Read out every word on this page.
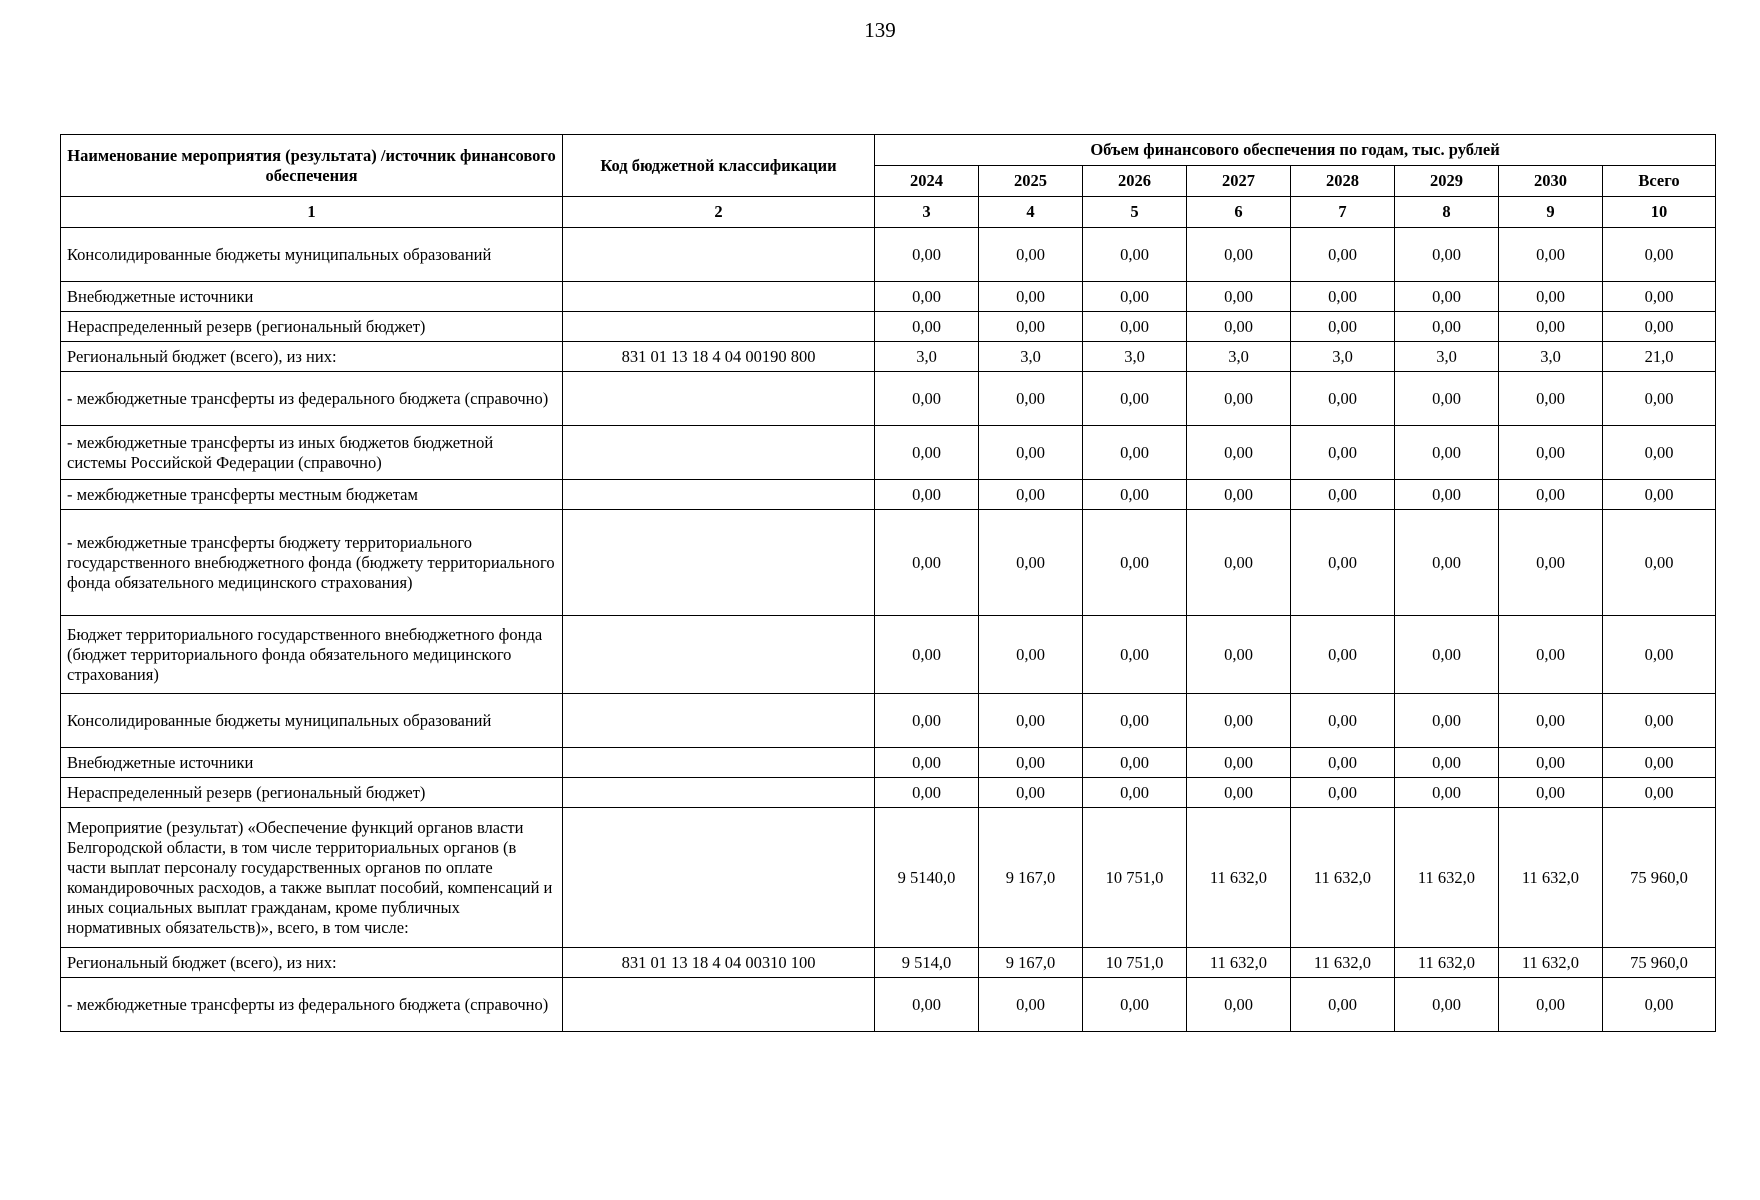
139
Наименование мероприятия (результата) /источник финансового обеспечения	Код бюджетной классификации	Объем финансового обеспечения по годам, тыс. рублей							
		2024	2025	2026	2027	2028	2029	2030	Всего
1	2	3	4	5	6	7	8	9	10
Консолидированные бюджеты муниципальных образований		0,00	0,00	0,00	0,00	0,00	0,00	0,00	0,00
Внебюджетные источники		0,00	0,00	0,00	0,00	0,00	0,00	0,00	0,00
Нераспределенный резерв (региональный бюджет)		0,00	0,00	0,00	0,00	0,00	0,00	0,00	0,00
Региональный бюджет (всего), из них:	831 01 13 18 4 04 00190 800	3,0	3,0	3,0	3,0	3,0	3,0	3,0	21,0
- межбюджетные трансферты из федерального бюджета (справочно)		0,00	0,00	0,00	0,00	0,00	0,00	0,00	0,00
- межбюджетные трансферты из иных бюджетов бюджетной системы Российской Федерации (справочно)		0,00	0,00	0,00	0,00	0,00	0,00	0,00	0,00
- межбюджетные трансферты местным бюджетам		0,00	0,00	0,00	0,00	0,00	0,00	0,00	0,00
- межбюджетные трансферты бюджету территориального государственного внебюджетного фонда (бюджету территориального фонда обязательного медицинского страхования)		0,00	0,00	0,00	0,00	0,00	0,00	0,00	0,00
Бюджет территориального государственного внебюджетного фонда (бюджет территориального фонда обязательного медицинского страхования)		0,00	0,00	0,00	0,00	0,00	0,00	0,00	0,00
Консолидированные бюджеты муниципальных образований		0,00	0,00	0,00	0,00	0,00	0,00	0,00	0,00
Внебюджетные источники		0,00	0,00	0,00	0,00	0,00	0,00	0,00	0,00
Нераспределенный резерв (региональный бюджет)		0,00	0,00	0,00	0,00	0,00	0,00	0,00	0,00
Мероприятие (результат) «Обеспечение функций органов власти Белгородской области, в том числе территориальных органов (в части выплат персоналу государственных органов по оплате командировочных расходов, а также выплат пособий, компенсаций и иных социальных выплат гражданам, кроме публичных нормативных обязательств)», всего, в том числе:		9 5140,0	9 167,0	10 751,0	11 632,0	11 632,0	11 632,0	11 632,0	75 960,0
Региональный бюджет (всего), из них:	831 01 13 18 4 04 00310 100	9 514,0	9 167,0	10 751,0	11 632,0	11 632,0	11 632,0	11 632,0	75 960,0
- межбюджетные трансферты из федерального бюджета (справочно)		0,00	0,00	0,00	0,00	0,00	0,00	0,00	0,00
